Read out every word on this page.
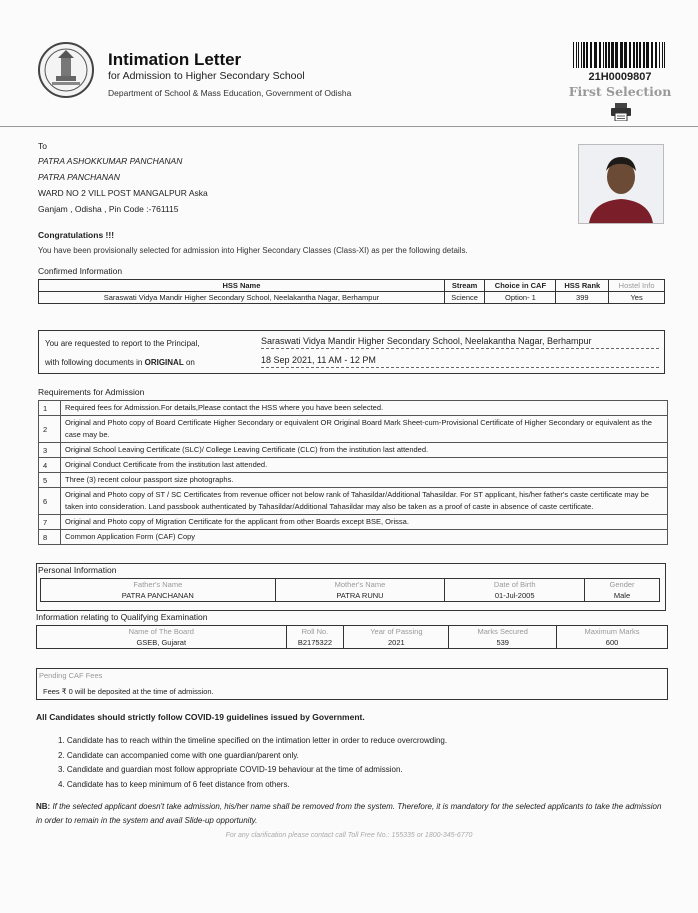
Intimation Letter
for Admission to Higher Secondary School
Department of School & Mass Education, Government of Odisha
21H0009807
First Selection
To
PATRA ASHOKKUMAR PANCHANAN
PATRA PANCHANAN
WARD NO 2 VILL POST MANGALPUR Aska
Ganjam , Odisha , Pin Code :-761115
Congratulations !!!
You have been provisionally selected for admission into Higher Secondary Classes (Class-XI) as per the following details.
Confirmed Information
HSS Name	Stream	Choice in CAF	HSS Rank	Hostel Info
Saraswati Vidya Mandir Higher Secondary School, Neelakantha Nagar, Berhampur	Science	Option- 1	399	Yes
You are requested to report to the Principal,
with following documents in ORIGINAL on
Saraswati Vidya Mandir Higher Secondary School, Neelakantha Nagar, Berhampur
18 Sep 2021, 11 AM - 12 PM
Requirements for Admission
1	Required fees for Admission.For details,Please contact the HSS where you have been selected.
2	Original and Photo copy of Board Certificate Higher Secondary or equivalent OR Original Board Mark Sheet-cum-Provisional Certificate of Higher Secondary or equivalent as the case may be.
3	Original School Leaving Certificate (SLC)/ College Leaving Certificate (CLC) from the institution last attended.
4	Original Conduct Certificate from the institution last attended.
5	Three (3) recent colour passport size photographs.
6	Original and Photo copy of ST / SC Certificates from revenue officer not below rank of Tahasildar/Additional Tahasildar. For ST applicant, his/her father's caste certificate may be taken into consideration. Land passbook authenticated by Tahasildar/Additional Tahasildar may also be taken as a proof of caste in absence of caste certificate.
7	Original and Photo copy of Migration Certificate for the applicant from other Boards except BSE, Orissa.
8	Common Application Form (CAF) Copy
Personal Information
Father's Name	Mother's Name	Date of Birth	Gender
PATRA PANCHANAN	PATRA RUNU	01-Jul-2005	Male
Information relating to Qualifying Examination
Name of The Board	Roll No.	Year of Passing	Marks Secured	Maximum Marks
GSEB, Gujarat	B2175322	2021	539	600
Pending CAF Fees
Fees ₹ 0 will be deposited at the time of admission.
All Candidates should strictly follow COVID-19 guidelines issued by Government.
1. Candidate has to reach within the timeline specified on the intimation letter in order to reduce overcrowding.
2. Candidate can accompanied come with one guardian/parent only.
3. Candidate and guardian most follow appropriate COVID-19 behaviour at the time of admission.
4. Candidate has to keep minimum of 6 feet distance from others.
NB: If the selected applicant doesn't take admission, his/her name shall be removed from the system. Therefore, it is mandatory for the selected applicants to take the admission in order to remain in the system and avail Slide-up opportunity.
For any clarification please contact call Toll Free No.: 155335 or 1800-345-6770
